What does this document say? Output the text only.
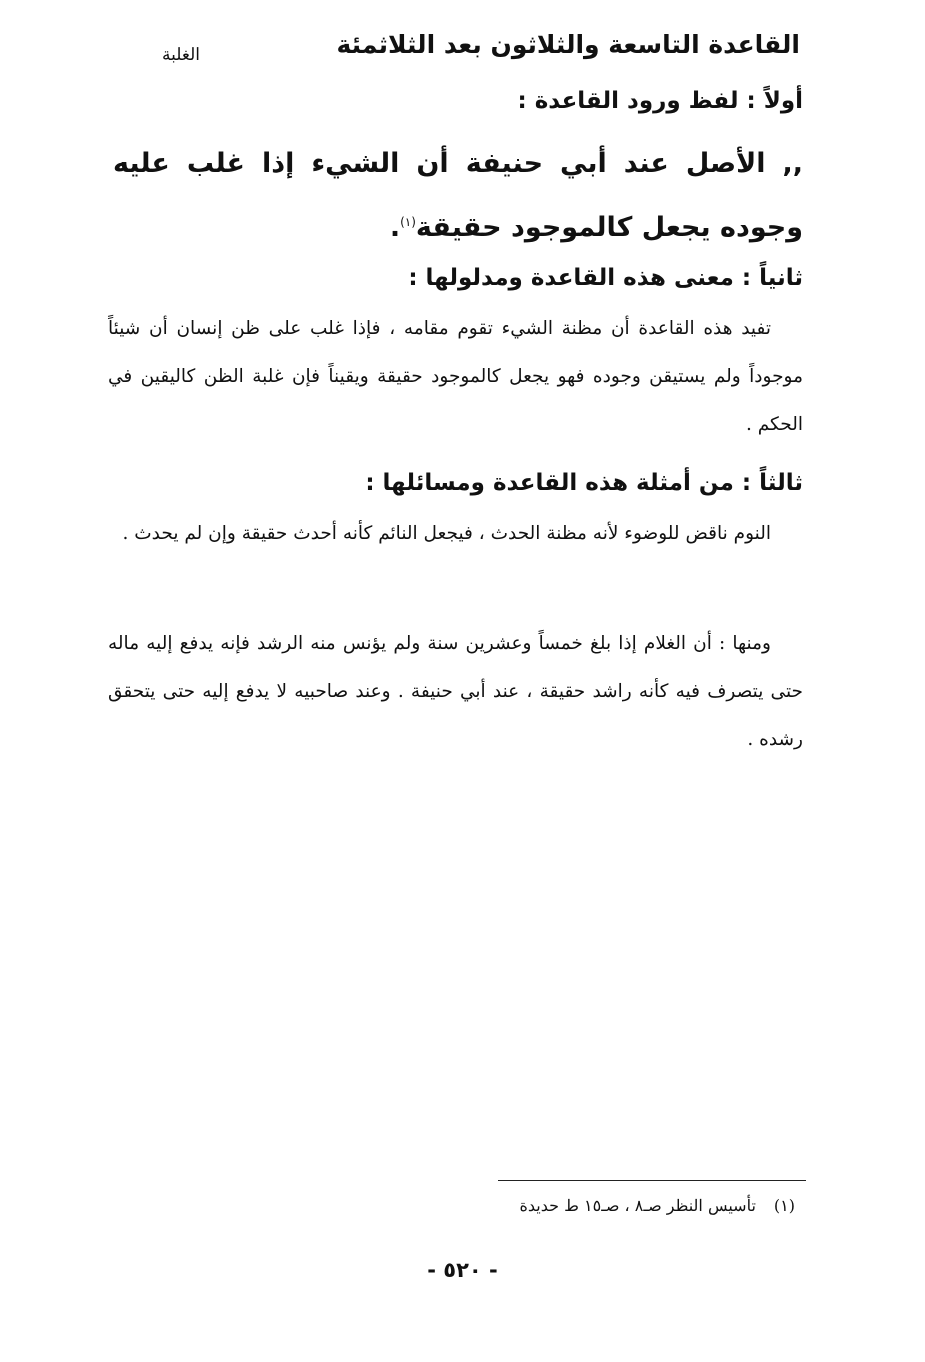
القاعدة التاسعة والثلاثون بعد الثلاثمئة
الغلبة
أولاً : لفظ ورود القاعدة :
,, الأصل عند أبي حنيفة أن الشيء إذا غلب عليه وجوده يجعل كالموجود حقيقة$^{(١)}$.
ثانياً : معنى هذه القاعدة ومدلولها :
تفيد هذه القاعدة أن مظنة الشيء تقوم مقامه ، فإذا غلب على ظن إنسان أن شيئاً موجوداً ولم يستيقن وجوده فهو يجعل كالموجود حقيقة ويقيناً فإن غلبة الظن كاليقين في الحكم .
ثالثاً : من أمثلة هذه القاعدة ومسائلها :
النوم ناقض للوضوء لأنه مظنة الحدث ، فيجعل النائم كأنه أحدث حقيقة وإن لم يحدث .
ومنها : أن الغلام إذا بلغ خمساً وعشرين سنة ولم يؤنس منه الرشد فإنه يدفع إليه ماله حتى يتصرف فيه كأنه راشد حقيقة ، عند أبي حنيفة . وعند صاحبيه لا يدفع إليه حتى يتحقق رشده .
(١)تأسيس النظر صـ٨ ، صـ١٥ ط حديدة
- ٥٢٠ -
